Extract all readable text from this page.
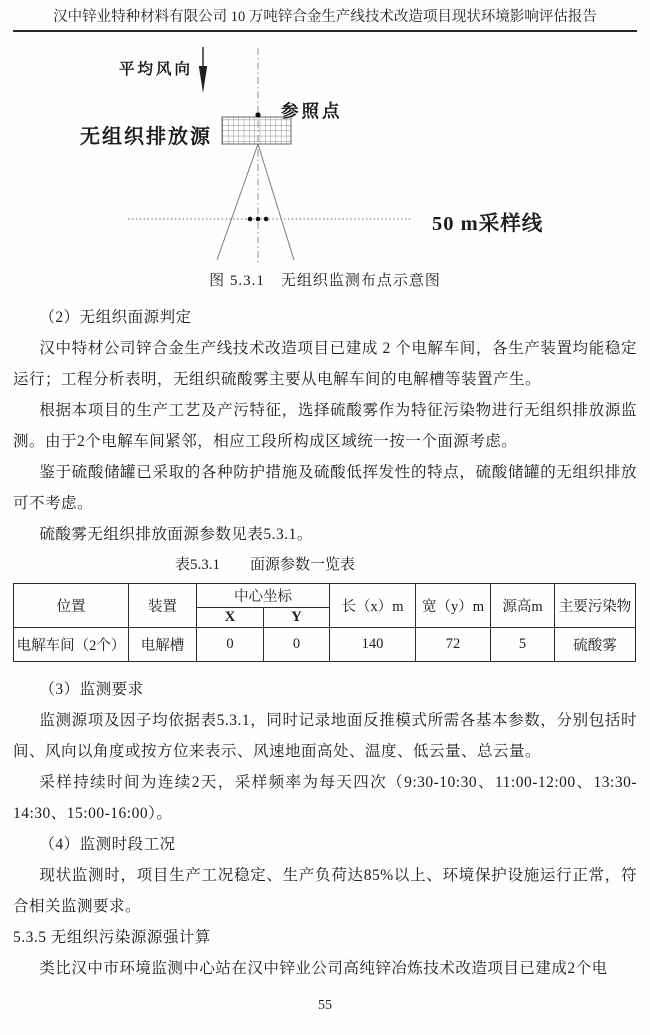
汉中锌业特种材料有限公司 10 万吨锌合金生产线技术改造项目现状环境影响评估报告
平均风向
参照点
无组织排放源
50 m采样线
图 5.3.1　无组织监测布点示意图
（2）无组织面源判定

汉中特材公司锌合金生产线技术改造项目已建成 2 个电解车间，各生产装置均能稳定运行；工程分析表明，无组织硫酸雾主要从电解车间的电解槽等装置产生。

根据本项目的生产工艺及产污特征，选择硫酸雾作为特征污染物进行无组织排放源监测。由于2个电解车间紧邻，相应工段所构成区域统一按一个面源考虑。

鉴于硫酸储罐已采取的各种防护措施及硫酸低挥发性的特点，硫酸储罐的无组织排放可不考虑。

硫酸雾无组织排放面源参数见表5.3.1。

表5.3.1 面源参数一览表
位置	装置	中心坐标		长（x）m	宽（y）m	源高m	主要污染物
		X	Y				
电解车间（2个）	电解槽	0	0	140	72	5	硫酸雾
（3）监测要求

监测源项及因子均依据表5.3.1，同时记录地面反推模式所需各基本参数，分别包括时间、风向以角度或按方位来表示、风速地面高处、温度、低云量、总云量。

采样持续时间为连续2天，采样频率为每天四次（9:30-10:30、11:00-12:00、13:30-14:30、15:00-16:00）。

（4）监测时段工况

现状监测时，项目生产工况稳定、生产负荷达85%以上、环境保护设施运行正常，符合相关监测要求。

5.3.5 无组织污染源源强计算

类比汉中市环境监测中心站在汉中锌业公司高纯锌冶炼技术改造项目已建成2个电

55
